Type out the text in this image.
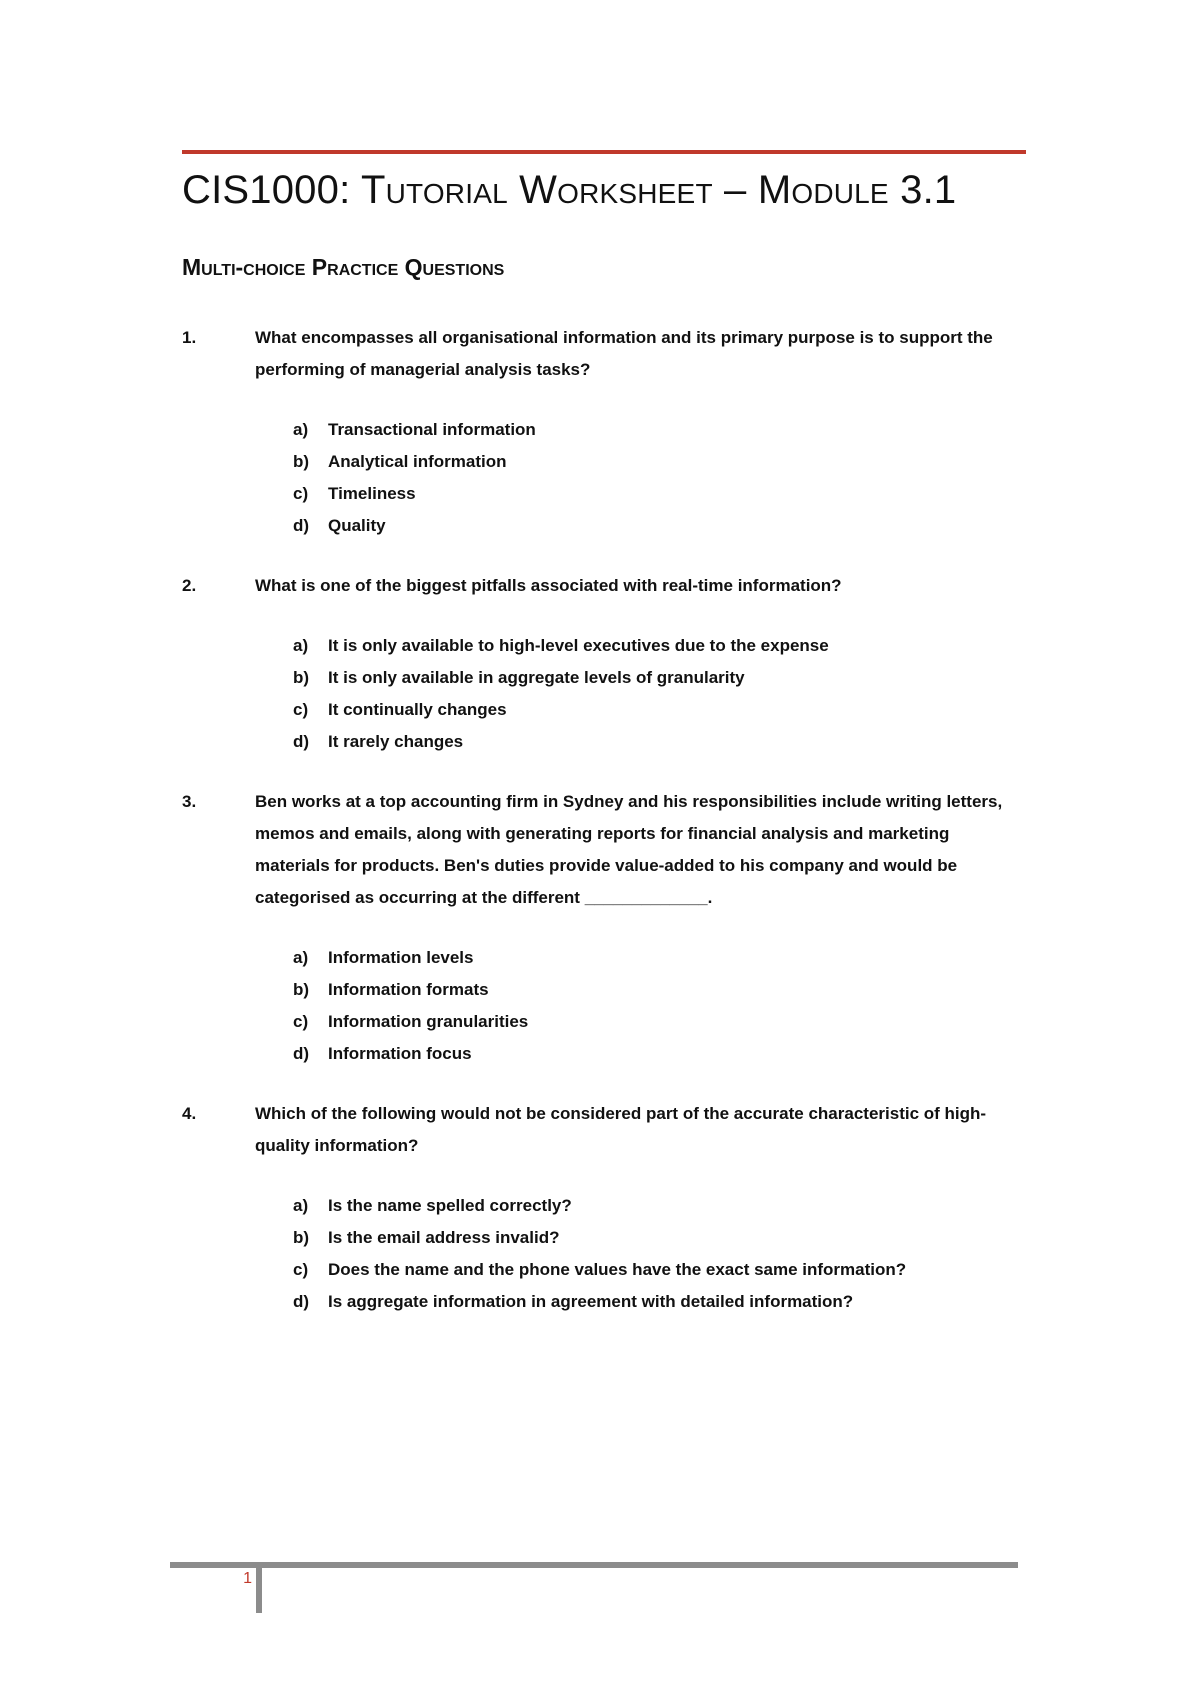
CIS1000: Tutorial Worksheet – Module 3.1
Multi-choice Practice Questions
1.	What encompasses all organisational information and its primary purpose is to support the performing of managerial analysis tasks?
a) Transactional information
b) Analytical information
c) Timeliness
d) Quality
2.	What is one of the biggest pitfalls associated with real-time information?
a) It is only available to high-level executives due to the expense
b) It is only available in aggregate levels of granularity
c) It continually changes
d) It rarely changes
3.	Ben works at a top accounting firm in Sydney and his responsibilities include writing letters, memos and emails, along with generating reports for financial analysis and marketing materials for products. Ben's duties provide value-added to his company and would be categorised as occurring at the different _____________.
a) Information levels
b) Information formats
c) Information granularities
d) Information focus
4.	Which of the following would not be considered part of the accurate characteristic of high-quality information?
a) Is the name spelled correctly?
b) Is the email address invalid?
c) Does the name and the phone values have the exact same information?
d) Is aggregate information in agreement with detailed information?
1
